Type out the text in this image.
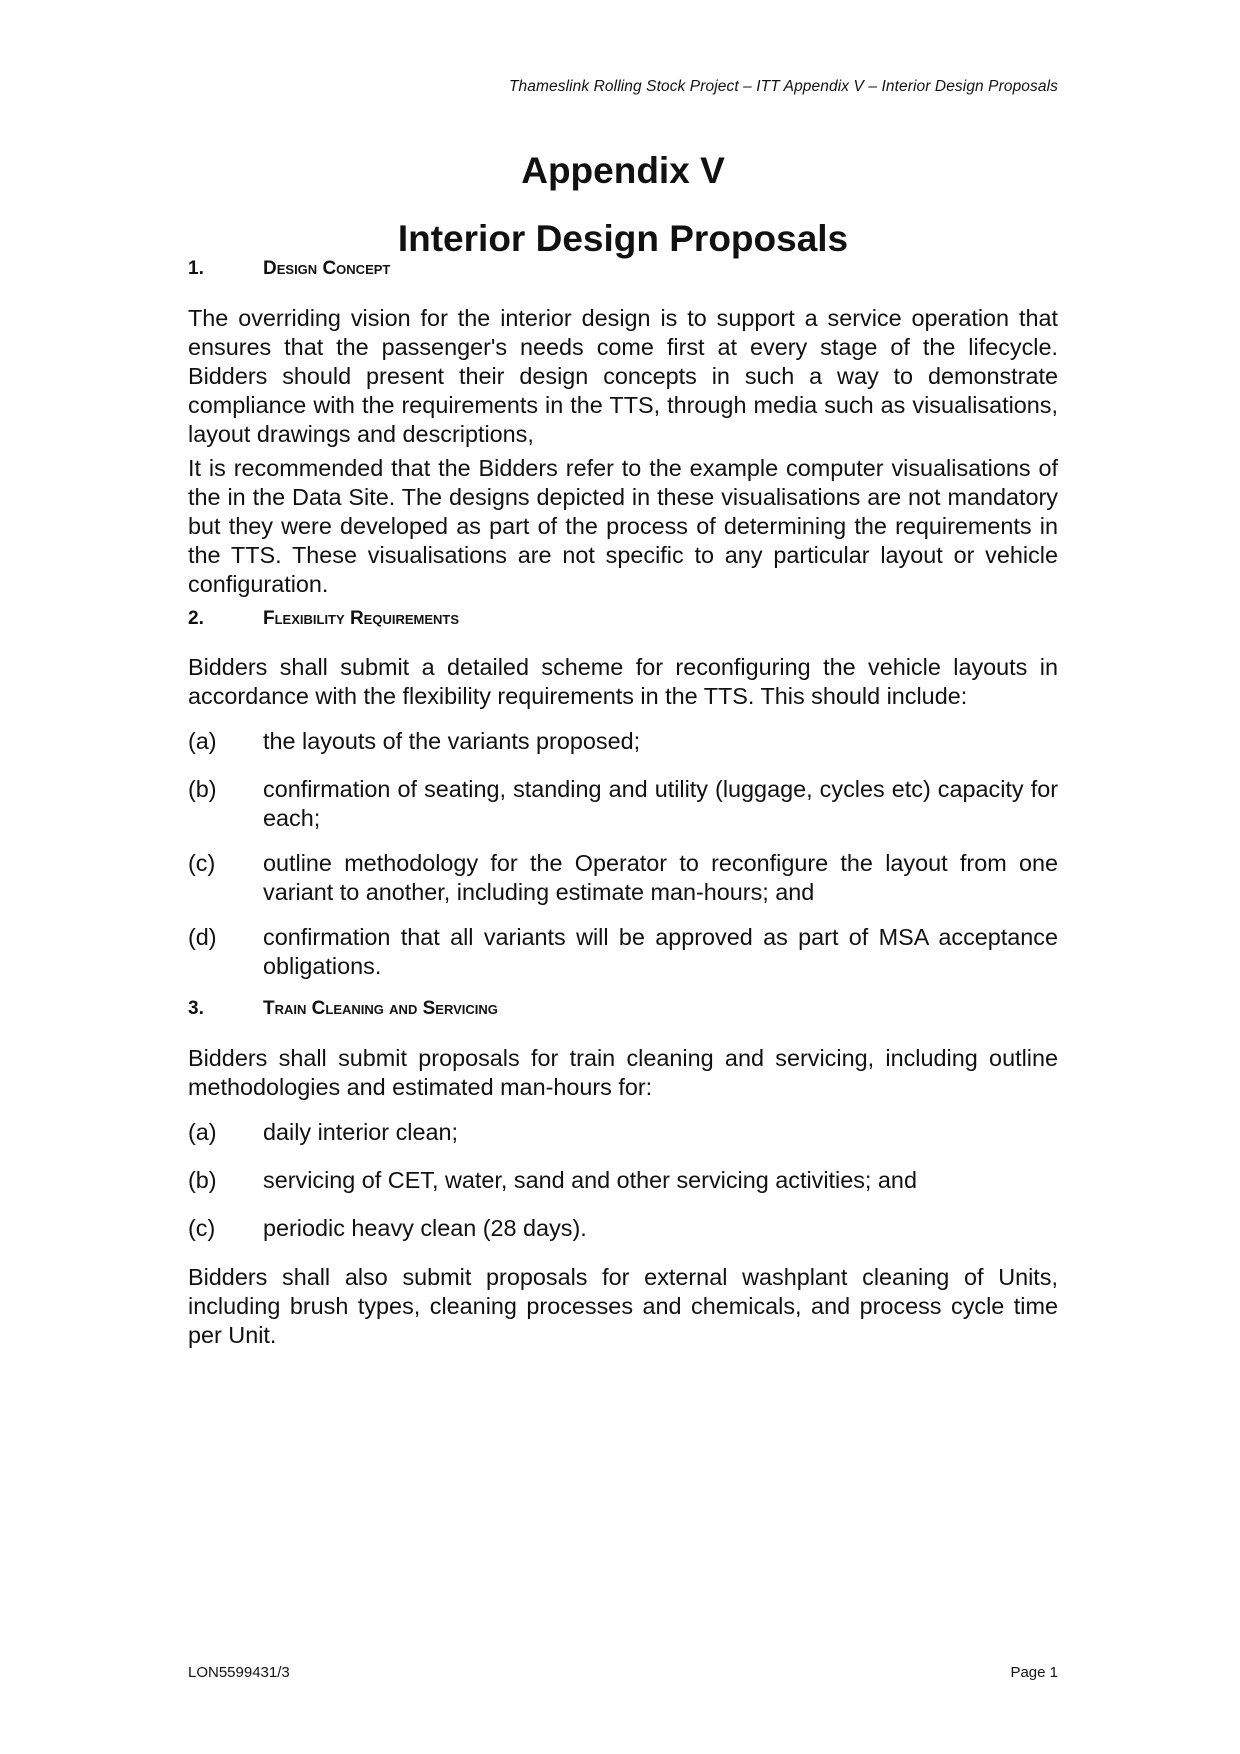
Thameslink Rolling Stock Project – ITT Appendix V – Interior Design Proposals
Appendix V
Interior Design Proposals
1.	Design Concept

The overriding vision for the interior design is to support a service operation that ensures that the passenger's needs come first at every stage of the lifecycle. Bidders should present their design concepts in such a way to demonstrate compliance with the requirements in the TTS, through media such as visualisations, layout drawings and descriptions,

It is recommended that the Bidders refer to the example computer visualisations of the in the Data Site. The designs depicted in these visualisations are not mandatory but they were developed as part of the process of determining the requirements in the TTS. These visualisations are not specific to any particular layout or vehicle configuration.

2.	Flexibility Requirements

Bidders shall submit a detailed scheme for reconfiguring the vehicle layouts in accordance with the flexibility requirements in the TTS. This should include:

(a)	the layouts of the variants proposed;
(b)	confirmation of seating, standing and utility (luggage, cycles etc) capacity for each;
(c)	outline methodology for the Operator to reconfigure the layout from one variant to another, including estimate man-hours; and
(d)	confirmation that all variants will be approved as part of MSA acceptance obligations.
3.	Train Cleaning and Servicing

Bidders shall submit proposals for train cleaning and servicing, including outline methodologies and estimated man-hours for:

(a)	daily interior clean;
(b)	servicing of CET, water, sand and other servicing activities; and
(c)	periodic heavy clean (28 days).

Bidders shall also submit proposals for external washplant cleaning of Units, including brush types, cleaning processes and chemicals, and process cycle time per Unit.

LON5599431/3	Page 1
